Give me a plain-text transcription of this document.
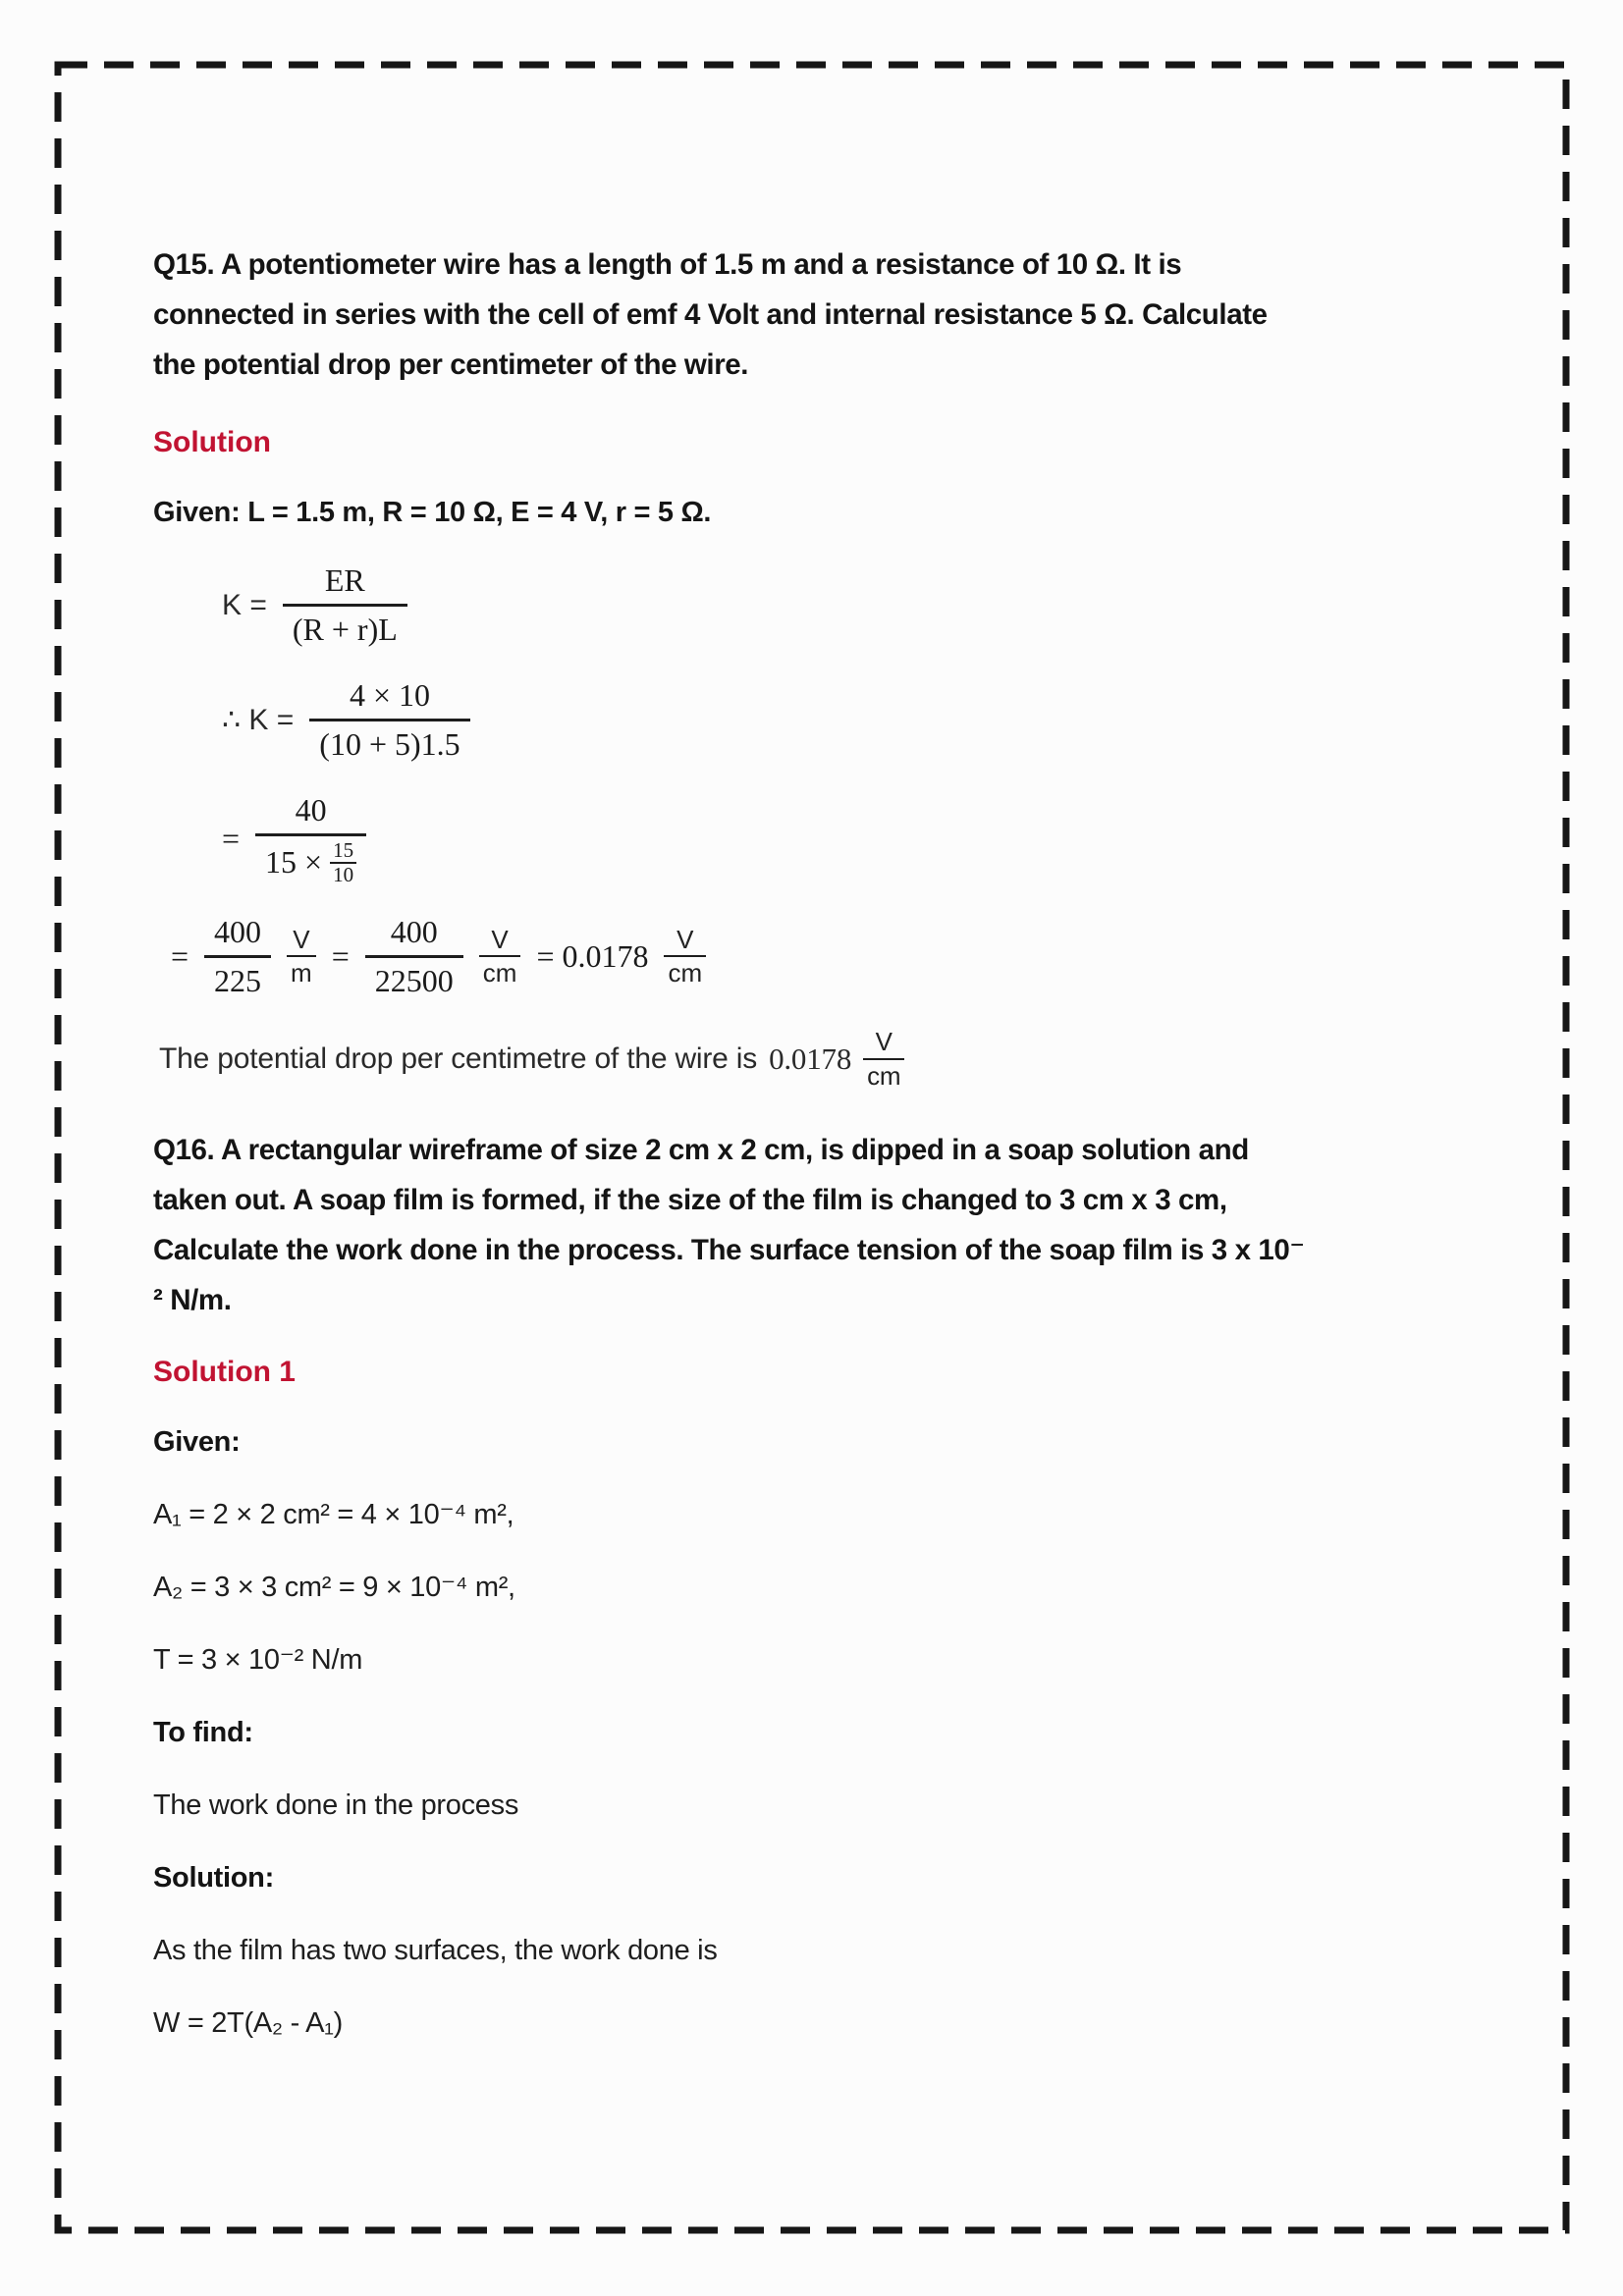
Q15. A potentiometer wire has a length of 1.5 m and a resistance of 10 Ω. It is
connected in series with the cell of emf 4 Volt and internal resistance 5 Ω. Calculate
the potential drop per centimeter of the wire.
Solution
Given: L = 1.5 m, R = 10 Ω, E = 4 V, r = 5 Ω.
$K = \frac{ER}{(R + r)L}$
∴ $K = \frac{4 \times 10}{(10 + 5)1.5}$
= $\frac{40}{15 \times \frac{15}{10}}$
= $\frac{400}{225} \frac{V}{m} = \frac{400}{22500} \frac{V}{cm} = 0.0178 \frac{V}{cm}$
The potential drop per centimetre of the wire is $0.0178 \frac{V}{cm}$
Q16. A rectangular wireframe of size 2 cm x 2 cm, is dipped in a soap solution and
taken out. A soap film is formed, if the size of the film is changed to 3 cm x 3 cm,
Calculate the work done in the process. The surface tension of the soap film is 3 x 10⁻
² N/m.
Solution 1
Given:
A₁ = 2 × 2 cm² = 4 × 10⁻⁴ m²,
A₂ = 3 × 3 cm² = 9 × 10⁻⁴ m²,
T = 3 × 10⁻² N/m
To find:
The work done in the process
Solution:
As the film has two surfaces, the work done is
W = 2T(A₂ - A₁)
